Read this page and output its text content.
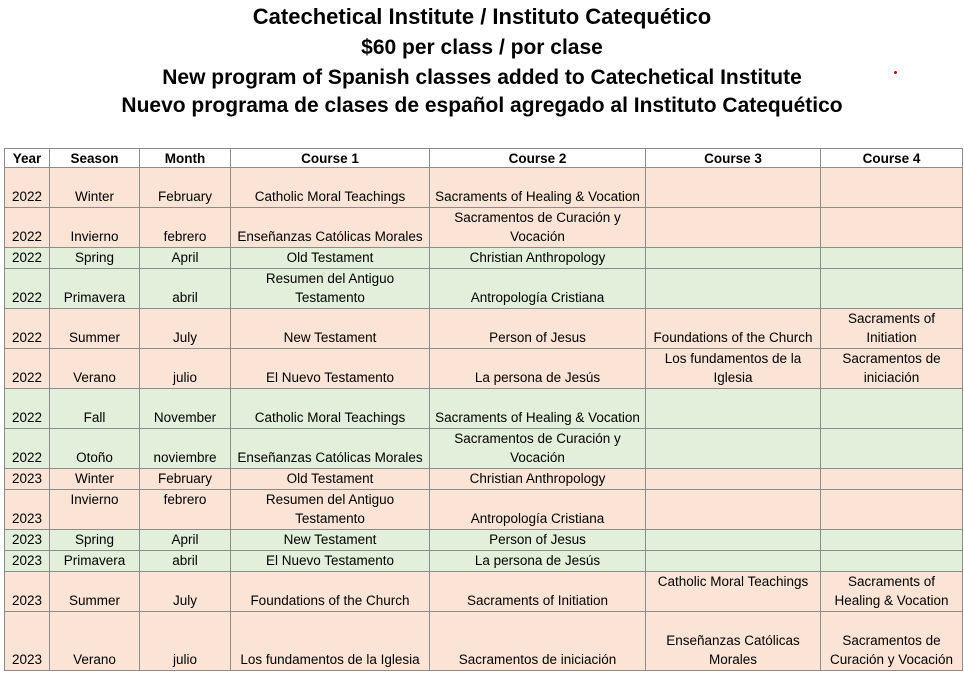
Catechetical Institute / Instituto Catequético
$60 per class / por clase
New program of Spanish classes added to Catechetical Institute
Nuevo programa de clases de español agregado al Instituto Catequético
Year	Season	Month	Course 1	Course 2	Course 3	Course 4
2022	Winter	February	Catholic Moral Teachings	Sacraments of Healing & Vocation		
2022	Invierno	febrero	Enseñanzas Católicas Morales	Sacramentos de Curación y Vocación		
2022	Spring	April	Old Testament	Christian Anthropology		
2022	Primavera	abril	Resumen del Antiguo Testamento	Antropología Cristiana		
2022	Summer	July	New Testament	Person of Jesus	Foundations of the Church	Sacraments of Initiation
2022	Verano	julio	El Nuevo Testamento	La persona de Jesús	Los fundamentos de la Iglesia	Sacramentos de iniciación
2022	Fall	November	Catholic Moral Teachings	Sacraments of Healing & Vocation		
2022	Otoño	noviembre	Enseñanzas Católicas Morales	Sacramentos de Curación y Vocación		
2023	Winter	February	Old Testament	Christian Anthropology		
2023	Invierno	febrero	Resumen del Antiguo Testamento	Antropología Cristiana		
2023	Spring	April	New Testament	Person of Jesus		
2023	Primavera	abril	El Nuevo Testamento	La persona de Jesús		
2023	Summer	July	Foundations of the Church	Sacraments of Initiation	Catholic Moral Teachings	Sacraments of Healing & Vocation
2023	Verano	julio	Los fundamentos de la Iglesia	Sacramentos de iniciación	Enseñanzas Católicas Morales	Sacramentos de Curación y Vocación
